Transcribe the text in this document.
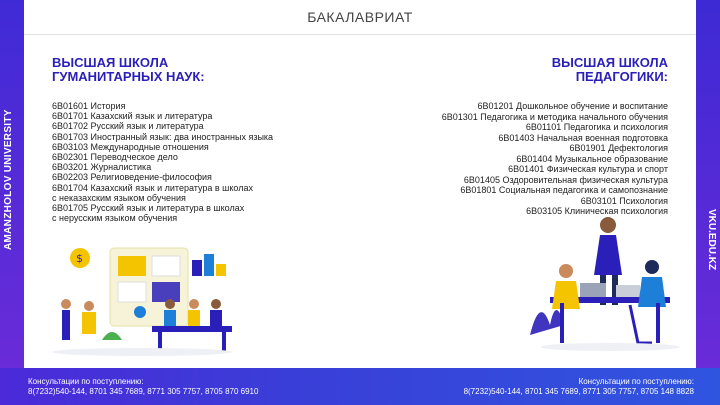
AMANZHOLOV UNIVERSITY	VKU.EDU.KZ
БАКАЛАВРИАТ
ВЫСШАЯ ШКОЛА
ГУМАНИТАРНЫХ НАУК:
6B01601 История
6B01701 Казахский язык и литература
6B01702 Русский язык и литература
6B01703 Иностранный язык: два иностранных языка
6B03103 Международные отношения
6B02301 Переводческое дело
6B03201 Журналистика
6B02203 Религиоведение-философия
6B01704 Казахский язык и литература в школах
с неказахским языком обучения
6B01705 Русский язык и литература в школах
с нерусским языком обучения
ВЫСШАЯ ШКОЛА
ПЕДАГОГИКИ:
6B01201 Дошкольное обучение и воспитание
6B01301 Педагогика и методика начального обучения
6B01101 Педагогика и психология
6B01403 Начальная военная подготовка
6B01901 Дефектология
6B01404 Музыкальное образование
6B01401 Физическая культура и спорт
6B01405 Оздоровительная физическая культура
6B01801 Социальная педагогика и самопознание
6B03101 Психология
6B03105 Клиническая психология
$
Консультации по поступлению:
8(7232)540-144, 8701 345 7689, 8771 305 7757, 8705 870 6910
Консультации по поступлению:
8(7232)540-144, 8701 345 7689, 8771 305 7757, 8705 148 8828
